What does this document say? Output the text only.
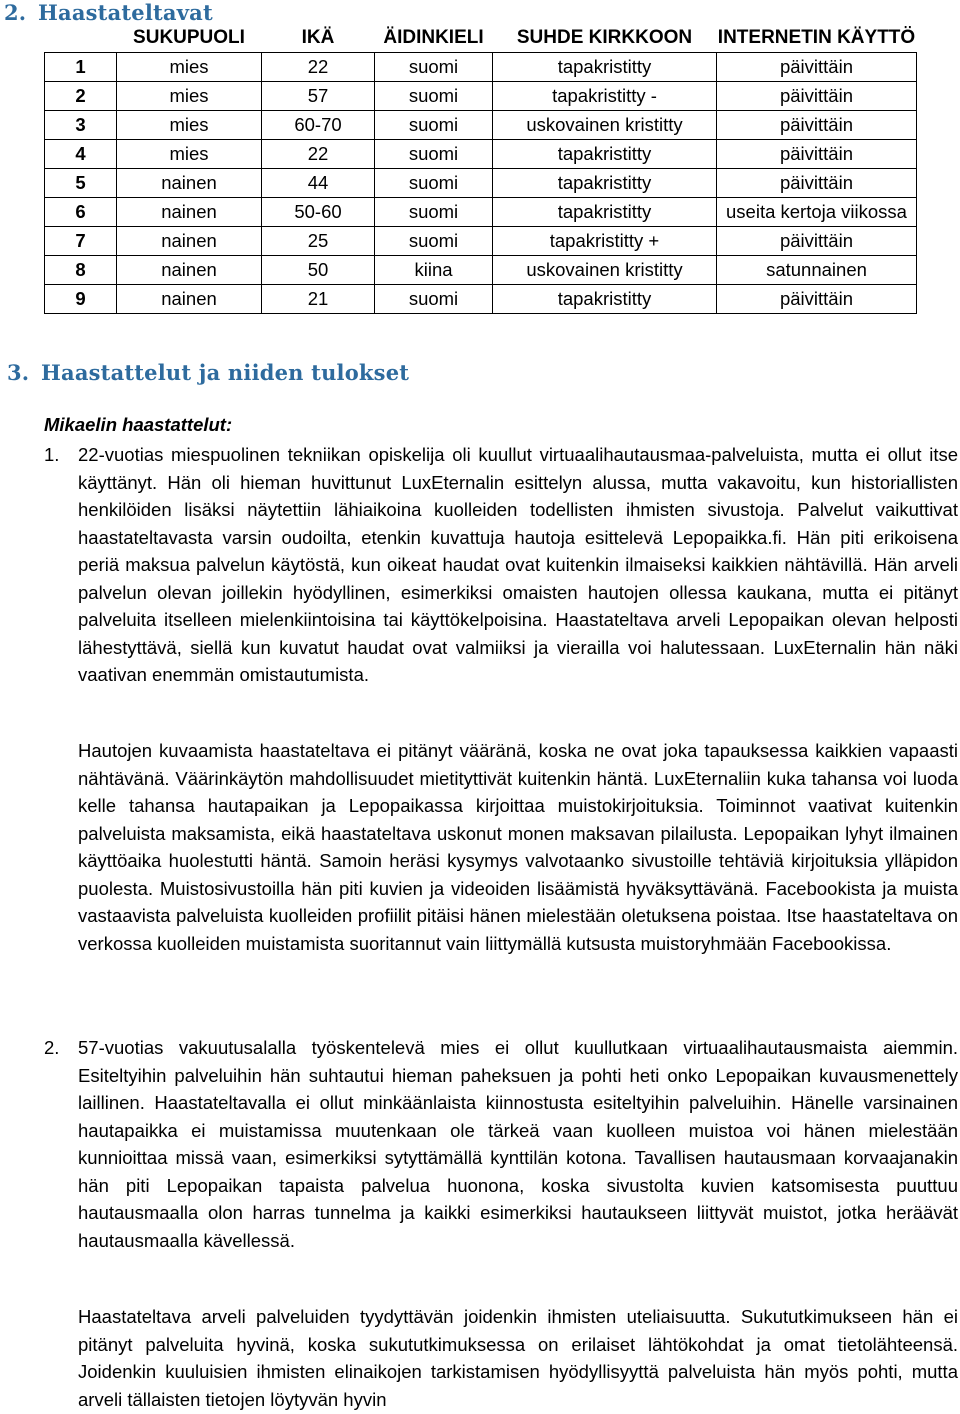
2. Haastateltavat
	SUKUPUOLI	IKÄ	ÄIDINKIELI	SUHDE KIRKKOON	INTERNETIN KÄYTTÖ
1	mies	22	suomi	tapakristitty	päivittäin
2	mies	57	suomi	tapakristitty -	päivittäin
3	mies	60-70	suomi	uskovainen kristitty	päivittäin
4	mies	22	suomi	tapakristitty	päivittäin
5	nainen	44	suomi	tapakristitty	päivittäin
6	nainen	50-60	suomi	tapakristitty	useita kertoja viikossa
7	nainen	25	suomi	tapakristitty +	päivittäin
8	nainen	50	kiina	uskovainen kristitty	satunnainen
9	nainen	21	suomi	tapakristitty	päivittäin
3. Haastattelut ja niiden tulokset

Mikaelin haastattelut:

1. 22-vuotias miespuolinen tekniikan opiskelija oli kuullut virtuaalihautausmaa-palveluista, mutta ei ollut itse käyttänyt. Hän oli hieman huvittunut LuxEternalin esittelyn alussa, mutta vakavoitu, kun historiallisten henkilöiden lisäksi näytettiin lähiaikoina kuolleiden todellisten ihmisten sivustoja. Palvelut vaikuttivat haastateltavasta varsin oudoilta, etenkin kuvattuja hautoja esittelevä Lepopaikka.fi. Hän piti erikoisena periä maksua palvelun käytöstä, kun oikeat haudat ovat kuitenkin ilmaiseksi kaikkien nähtävillä. Hän arveli palvelun olevan joillekin hyödyllinen, esimerkiksi omaisten hautojen ollessa kaukana, mutta ei pitänyt palveluita itselleen mielenkiintoisina tai käyttökelpoisina. Haastateltava arveli Lepopaikan olevan helposti lähestyttävä, siellä kun kuvatut haudat ovat valmiiksi ja vierailla voi halutessaan. LuxEternalin hän näki vaativan enemmän omistautumista.

Hautojen kuvaamista haastateltava ei pitänyt vääränä, koska ne ovat joka tapauksessa kaikkien vapaasti nähtävänä. Väärinkäytön mahdollisuudet mietityttivät kuitenkin häntä. LuxEternaliin kuka tahansa voi luoda kelle tahansa hautapaikan ja Lepopaikassa kirjoittaa muistokirjoituksia. Toiminnot vaativat kuitenkin palveluista maksamista, eikä haastateltava uskonut monen maksavan pilailusta. Lepopaikan lyhyt ilmainen käyttöaika huolestutti häntä. Samoin heräsi kysymys valvotaanko sivustoille tehtäviä kirjoituksia ylläpidon puolesta. Muistosivustoilla hän piti kuvien ja videoiden lisäämistä hyväksyttävänä. Facebookista ja muista vastaavista palveluista kuolleiden profiilit pitäisi hänen mielestään oletuksena poistaa. Itse haastateltava on verkossa kuolleiden muistamista suoritannut vain liittymällä kutsusta muistoryhmään Facebookissa.

2. 57-vuotias vakuutusalalla työskentelevä mies ei ollut kuullutkaan virtuaalihautausmaista aiemmin. Esiteltyihin palveluihin hän suhtautui hieman paheksuen ja pohti heti onko Lepopaikan kuvausmenettely laillinen. Haastateltavalla ei ollut minkäänlaista kiinnostusta esiteltyihin palveluihin. Hänelle varsinainen hautapaikka ei muistamissa muutenkaan ole tärkeä vaan kuolleen muistoa voi hänen mielestään kunnioittaa missä vaan, esimerkiksi sytyttämällä kynttilän kotona. Tavallisen hautausmaan korvaajanakin hän piti Lepopaikan tapaista palvelua huonona, koska sivustolta kuvien katsomisesta puuttuu hautausmaalla olon harras tunnelma ja kaikki esimerkiksi hautaukseen liittyvät muistot, jotka heräävät hautausmaalla kävellessä.

Haastateltava arveli palveluiden tyydyttävän joidenkin ihmisten uteliaisuutta. Sukututkimukseen hän ei pitänyt palveluita hyvinä, koska sukututkimuksessa on erilaiset lähtökohdat ja omat tietolähteensä. Joidenkin kuuluisien ihmisten elinaikojen tarkistamisen hyödyllisyyttä palveluista hän myös pohti, mutta arveli tällaisten tietojen löytyvän hyvin
